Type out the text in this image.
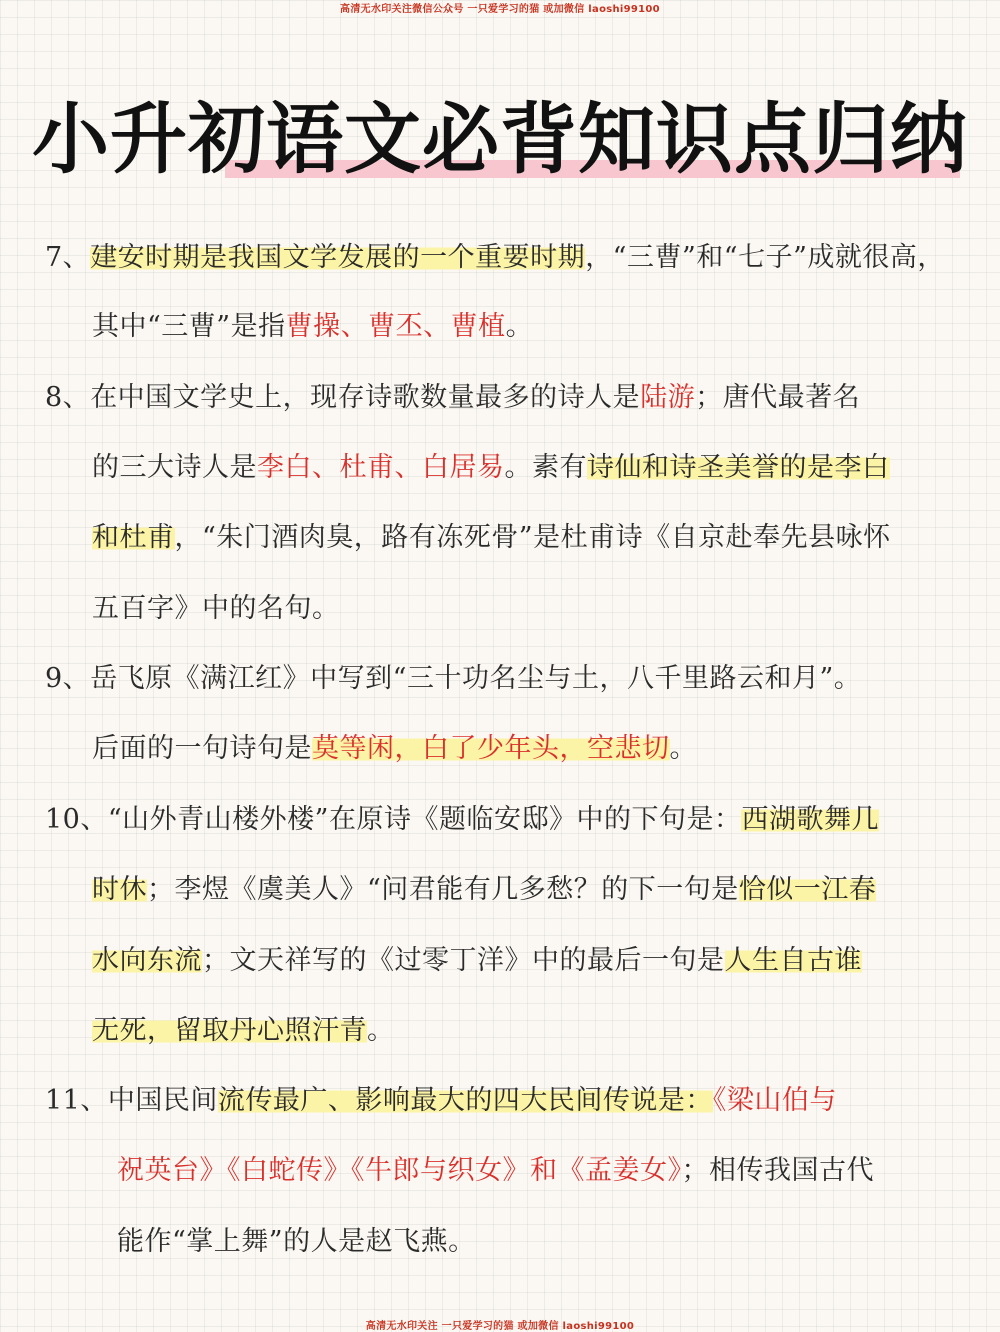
高清无水印关注微信公众号 一只爱学习的猫 或加微信 laoshi99100
小升初语文必背知识点归纳
7、建安时期是我国文学发展的一个重要时期，“三曹”和“七子”成就很高，
其中“三曹”是指曹操、曹丕、曹植。
8、在中国文学史上，现存诗歌数量最多的诗人是陆游；唐代最著名
的三大诗人是李白、杜甫、白居易。素有诗仙和诗圣美誉的是李白
和杜甫，“朱门酒肉臭，路有冻死骨”是杜甫诗《自京赴奉先县咏怀
五百字》中的名句。
9、岳飞原《满江红》中写到“三十功名尘与土，八千里路云和月”。
后面的一句诗句是莫等闲，白了少年头，空悲切。
10、“山外青山楼外楼”在原诗《题临安邸》中的下句是：西湖歌舞几
时休；李煜《虞美人》“问君能有几多愁？的下一句是恰似一江春
水向东流；文天祥写的《过零丁洋》中的最后一句是人生自古谁
无死，留取丹心照汗青。
11、中国民间流传最广、影响最大的四大民间传说是：《梁山伯与
祝英台》《白蛇传》《牛郎与织女》和《孟姜女》；相传我国古代
能作“掌上舞”的人是赵飞燕。
高清无水印关注 一只爱学习的猫 或加微信 laoshi99100
